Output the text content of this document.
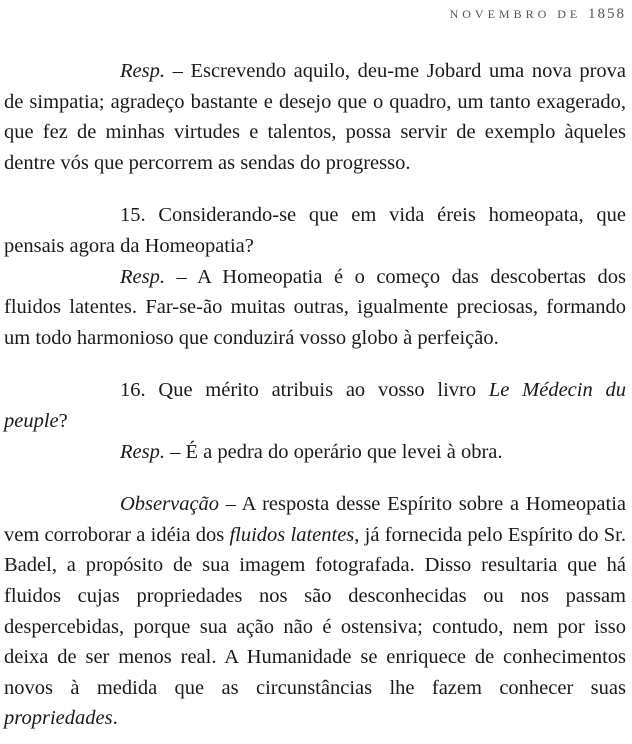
NOVEMBRO DE 1858

Resp. – Escrevendo aquilo, deu-me Jobard uma nova prova de simpatia; agradeço bastante e desejo que o quadro, um tanto exagerado, que fez de minhas virtudes e talentos, possa servir de exemplo àqueles dentre vós que percorrem as sendas do progresso.

15. Considerando-se que em vida éreis homeopata, que pensais agora da Homeopatia?

Resp. – A Homeopatia é o começo das descobertas dos fluidos latentes. Far-se-ão muitas outras, igualmente preciosas, formando um todo harmonioso que conduzirá vosso globo à perfeição.

16. Que mérito atribuis ao vosso livro Le Médecin du peuple?

Resp. – É a pedra do operário que levei à obra.

Observação – A resposta desse Espírito sobre a Homeopatia vem corroborar a idéia dos fluidos latentes, já fornecida pelo Espírito do Sr. Badel, a propósito de sua imagem fotografada. Disso resultaria que há fluidos cujas propriedades nos são desconhecidas ou nos passam despercebidas, porque sua ação não é ostensiva; contudo, nem por isso deixa de ser menos real. A Humanidade se enriquece de conhecimentos novos à medida que as circunstâncias lhe fazem conhecer suas propriedades.
